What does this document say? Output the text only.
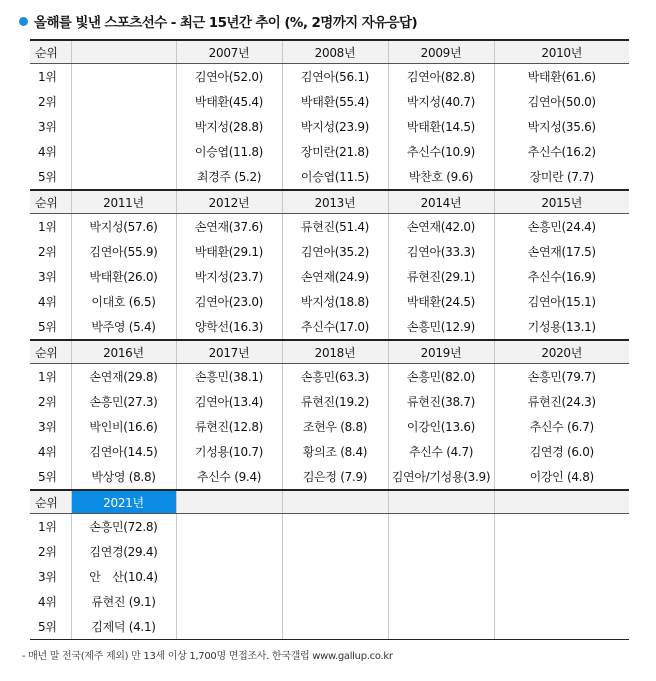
올해를 빛낸 스포츠선수 - 최근 15년간 추이 (%, 2명까지 자유응답)
순위		2007년	2008년	2009년	2010년
1위		김연아(52.0)	김연아(56.1)	김연아(82.8)	박태환(61.6)
2위		박태환(45.4)	박태환(55.4)	박지성(40.7)	김연아(50.0)
3위		박지성(28.8)	박지성(23.9)	박태환(14.5)	박지성(35.6)
4위		이승엽(11.8)	장미란(21.8)	추신수(10.9)	추신수(16.2)
5위		최경주 (5.2)	이승엽(11.5)	박찬호 (9.6)	장미란 (7.7)
순위	2011년	2012년	2013년	2014년	2015년
1위	박지성(57.6)	손연재(37.6)	류현진(51.4)	손연재(42.0)	손흥민(24.4)
2위	김연아(55.9)	박태환(29.1)	김연아(35.2)	김연아(33.3)	손연재(17.5)
3위	박태환(26.0)	박지성(23.7)	손연재(24.9)	류현진(29.1)	추신수(16.9)
4위	이대호 (6.5)	김연아(23.0)	박지성(18.8)	박태환(24.5)	김연아(15.1)
5위	박주영 (5.4)	양학선(16.3)	추신수(17.0)	손흥민(12.9)	기성용(13.1)
순위	2016년	2017년	2018년	2019년	2020년
1위	손연재(29.8)	손흥민(38.1)	손흥민(63.3)	손흥민(82.0)	손흥민(79.7)
2위	손흥민(27.3)	김연아(13.4)	류현진(19.2)	류현진(38.7)	류현진(24.3)
3위	박인비(16.6)	류현진(12.8)	조현우 (8.8)	이강인(13.6)	추신수 (6.7)
4위	김연아(14.5)	기성용(10.7)	황의조 (8.4)	추신수 (4.7)	김연경 (6.0)
5위	박상영 (8.8)	추신수 (9.4)	김은정 (7.9)	김연아/기성용(3.9)	이강인 (4.8)
순위	2021년				
1위	손흥민(72.8)				
2위	김연경(29.4)				
3위	안　산(10.4)				
4위	류현진 (9.1)				
5위	김제덕 (4.1)				
- 매년 말 전국(제주 제외) 만 13세 이상 1,700명 면접조사. 한국갤럽 www.gallup.co.kr
